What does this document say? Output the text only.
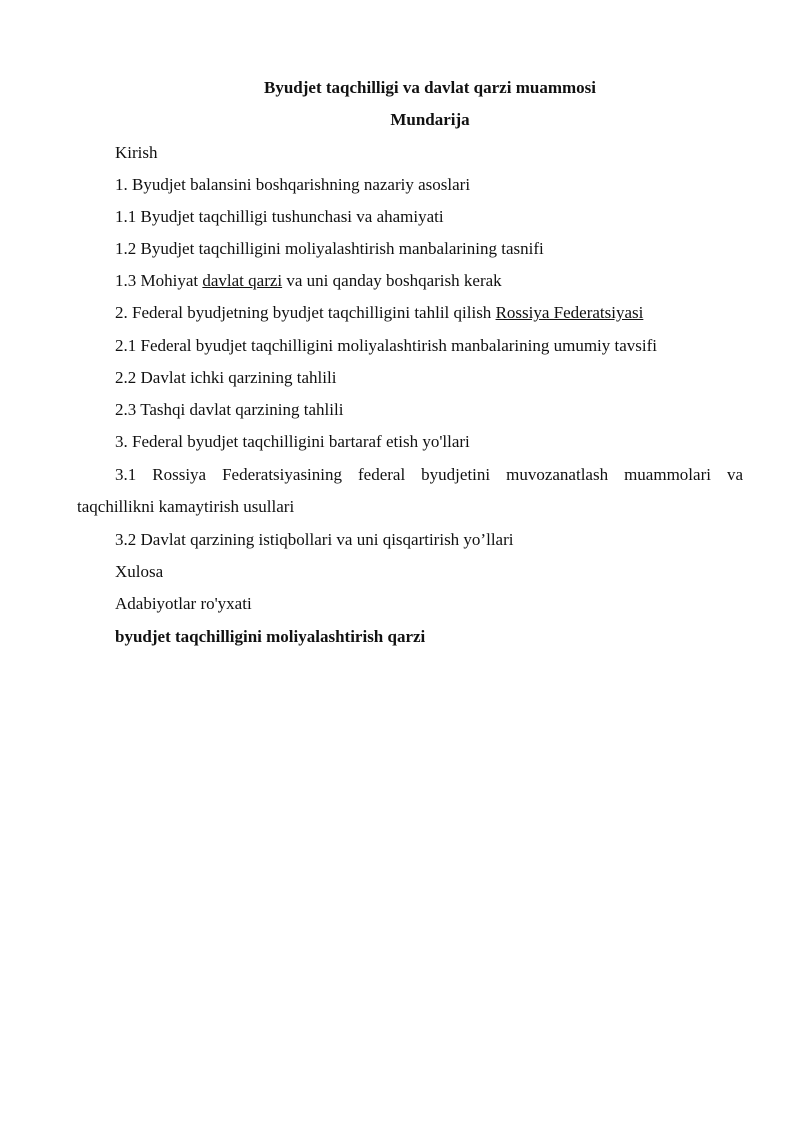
Byudjet taqchilligi va davlat qarzi muammosi
Mundarija
Kirish
1. Byudjet balansini boshqarishning nazariy asoslari
1.1 Byudjet taqchilligi tushunchasi va ahamiyati
1.2 Byudjet taqchilligini moliyalashtirish manbalarining tasnifi
1.3 Mohiyat davlat qarzi va uni qanday boshqarish kerak
2. Federal byudjetning byudjet taqchilligini tahlil qilish Rossiya Federatsiyasi
2.1 Federal byudjet taqchilligini moliyalashtirish manbalarining umumiy tavsifi
2.2 Davlat ichki qarzining tahlili
2.3 Tashqi davlat qarzining tahlili
3. Federal byudjet taqchilligini bartaraf etish yo'llari
3.1 Rossiya Federatsiyasining federal byudjetini muvozanatlash muammolari va
taqchillikni kamaytirish usullari
3.2 Davlat qarzining istiqbollari va uni qisqartirish yo’llari
Xulosa
Adabiyotlar ro'yxati
byudjet taqchilligini moliyalashtirish qarzi
